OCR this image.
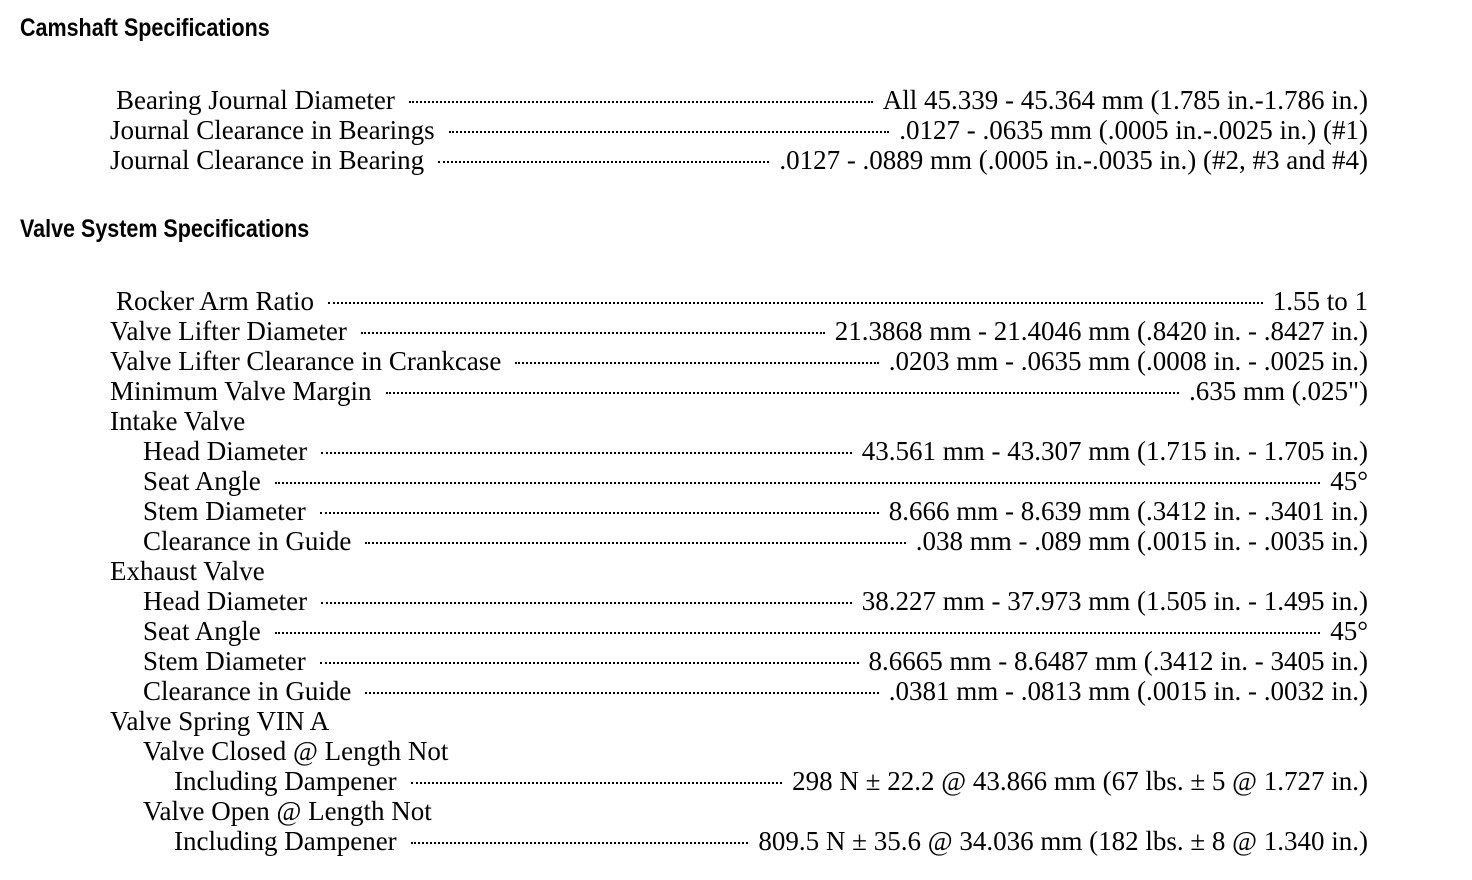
Camshaft Specifications
Bearing Journal Diameter	All 45.339 - 45.364 mm (1.785 in.-1.786 in.)
Journal Clearance in Bearings	.0127 - .0635 mm (.0005 in.-.0025 in.) (#1)
Journal Clearance in Bearing	.0127 - .0889 mm (.0005 in.-.0035 in.) (#2, #3 and #4)
Valve System Specifications
Rocker Arm Ratio	1.55 to 1
Valve Lifter Diameter	21.3868 mm - 21.4046 mm (.8420 in. - .8427 in.)
Valve Lifter Clearance in Crankcase	.0203 mm - .0635 mm (.0008 in. - .0025 in.)
Minimum Valve Margin	.635 mm (.025")
Intake Valve
Head Diameter	43.561 mm - 43.307 mm (1.715 in. - 1.705 in.)
Seat Angle	45°
Stem Diameter	8.666 mm - 8.639 mm (.3412 in. - .3401 in.)
Clearance in Guide	.038 mm - .089 mm (.0015 in. - .0035 in.)
Exhaust Valve
Head Diameter	38.227 mm - 37.973 mm (1.505 in. - 1.495 in.)
Seat Angle	45°
Stem Diameter	8.6665 mm - 8.6487 mm (.3412 in. - 3405 in.)
Clearance in Guide	.0381 mm - .0813 mm (.0015 in. - .0032 in.)
Valve Spring VIN A
Valve Closed @ Length Not
Including Dampener	298 N ± 22.2 @ 43.866 mm (67 lbs. ± 5 @ 1.727 in.)
Valve Open @ Length Not
Including Dampener	809.5 N ± 35.6 @ 34.036 mm (182 lbs. ± 8 @ 1.340 in.)
